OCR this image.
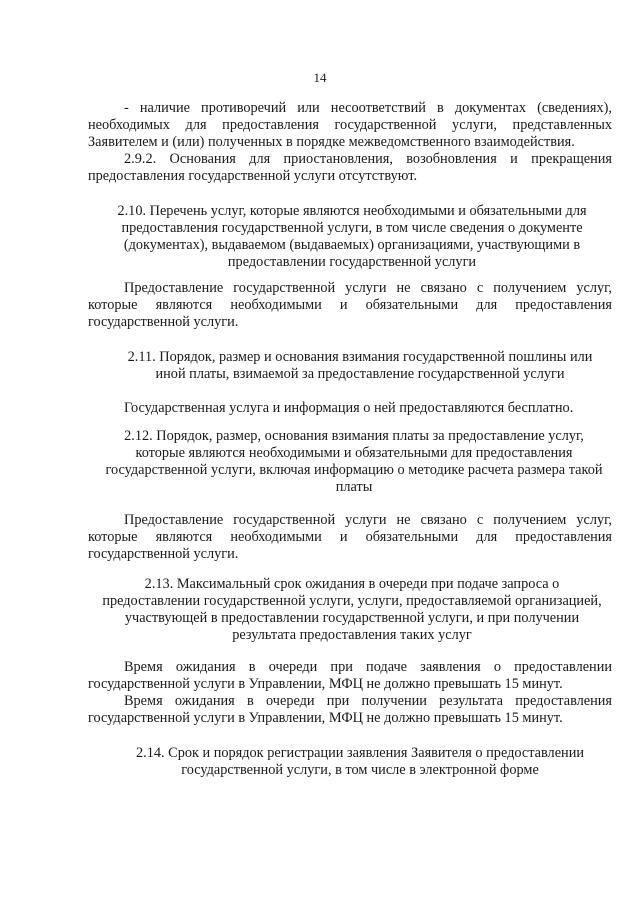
14

- наличие противоречий или несоответствий в документах (сведениях), необходимых для предоставления государственной услуги, представленных Заявителем и (или) полученных в порядке межведомственного взаимодействия.

2.9.2. Основания для приостановления, возобновления и прекращения предоставления государственной услуги отсутствуют.

2.10. Перечень услуг, которые являются необходимыми и обязательными для предоставления государственной услуги, в том числе сведения о документе (документах), выдаваемом (выдаваемых) организациями, участвующими в предоставлении государственной услуги

Предоставление государственной услуги не связано с получением услуг, которые являются необходимыми и обязательными для предоставления государственной услуги.

2.11. Порядок, размер и основания взимания государственной пошлины или иной платы, взимаемой за предоставление государственной услуги

Государственная услуга и информация о ней предоставляются бесплатно.

2.12. Порядок, размер, основания взимания платы за предоставление услуг, которые являются необходимыми и обязательными для предоставления государственной услуги, включая информацию о методике расчета размера такой платы

Предоставление государственной услуги не связано с получением услуг, которые являются необходимыми и обязательными для предоставления государственной услуги.

2.13. Максимальный срок ожидания в очереди при подаче запроса о предоставлении государственной услуги, услуги, предоставляемой организацией, участвующей в предоставлении государственной услуги, и при получении результата предоставления таких услуг

Время ожидания в очереди при подаче заявления о предоставлении государственной услуги в Управлении, МФЦ не должно превышать 15 минут.

Время ожидания в очереди при получении результата предоставления государственной услуги в Управлении, МФЦ не должно превышать 15 минут.

2.14. Срок и порядок регистрации заявления Заявителя о предоставлении государственной услуги, в том числе в электронной форме
